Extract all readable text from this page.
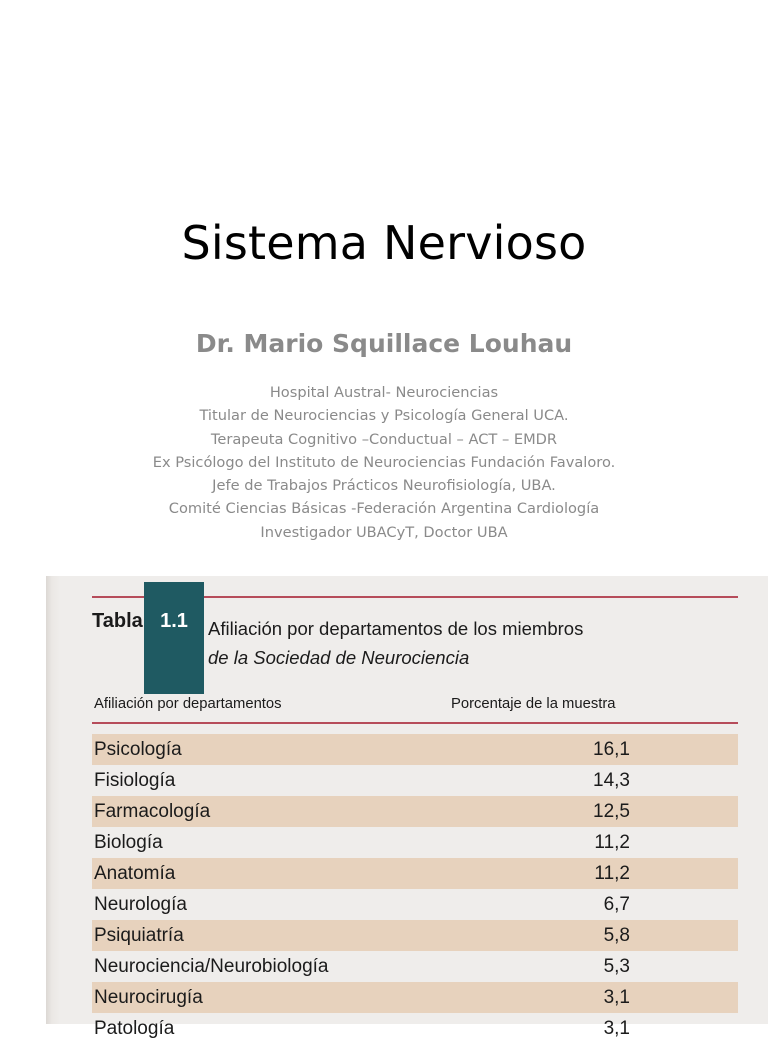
Sistema Nervioso
Dr. Mario Squillace Louhau
Hospital Austral- Neurociencias
Titular de Neurociencias y Psicología General UCA.
Terapeuta Cognitivo –Conductual – ACT – EMDR
Ex Psicólogo del Instituto de Neurociencias Fundación Favaloro.
Jefe de Trabajos Prácticos Neurofisiología, UBA.
Comité Ciencias Básicas -Federación Argentina Cardiología
Investigador UBACyT, Doctor UBA
Tabla 1.1	Afiliación por departamentos de los miembros
de la Sociedad de Neurociencia
Afiliación por departamentos	Porcentaje de la muestra
Psicología	16,1
Fisiología	14,3
Farmacología	12,5
Biología	11,2
Anatomía	11,2
Neurología	6,7
Psiquiatría	5,8
Neurociencia/Neurobiología	5,3
Neurocirugía	3,1
Patología	3,1
